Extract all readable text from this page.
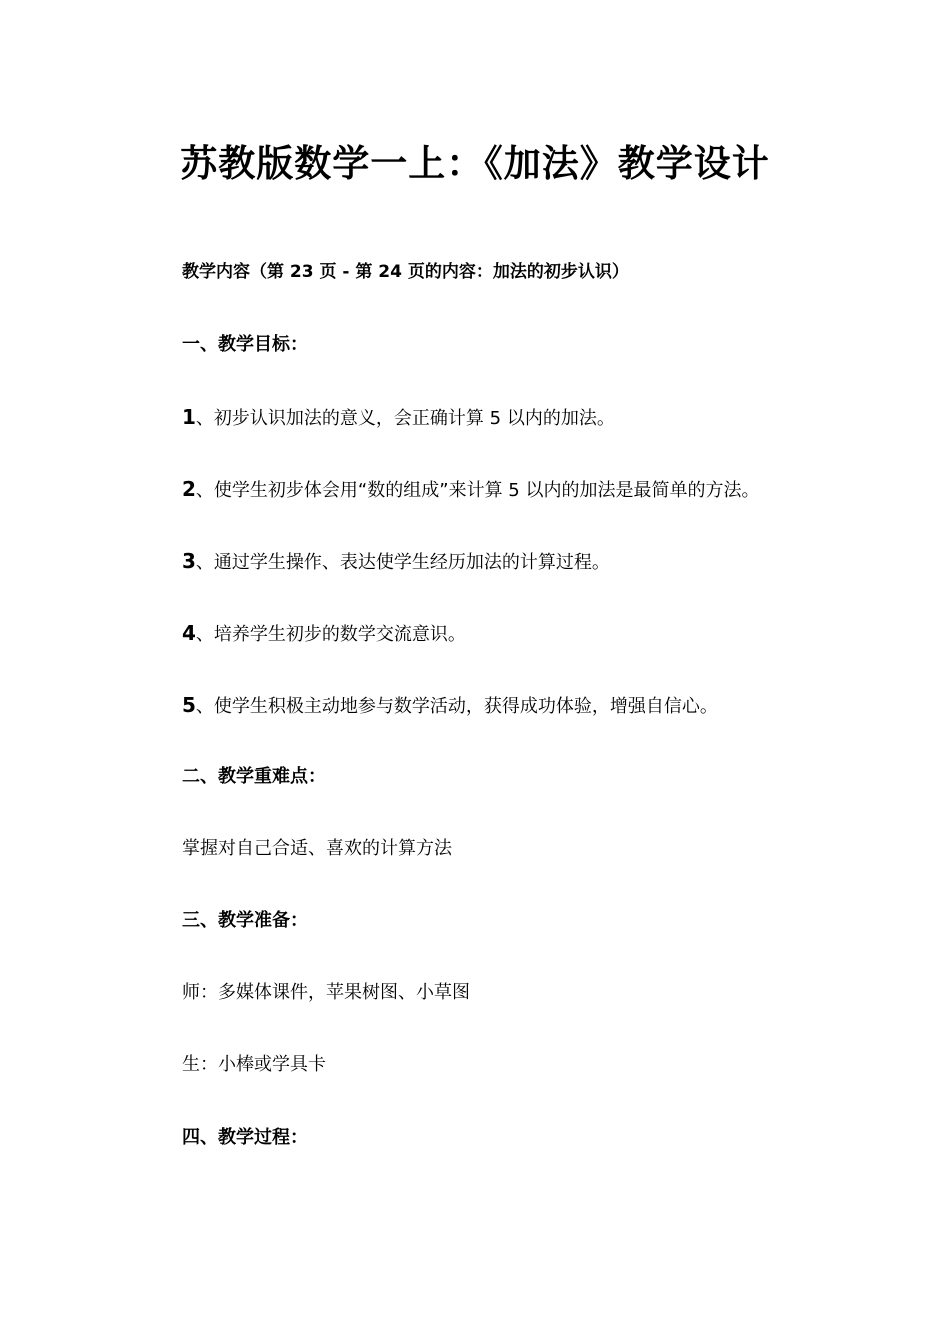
苏教版数学一上：《加法》教学设计
教学内容（第 23 页 - 第 24 页的内容：加法的初步认识）
一、教学目标：
1、初步认识加法的意义，会正确计算 5 以内的加法。
2、使学生初步体会用“数的组成”来计算 5 以内的加法是最简单的方法。
3、通过学生操作、表达使学生经历加法的计算过程。
4、培养学生初步的数学交流意识。
5、使学生积极主动地参与数学活动，获得成功体验，增强自信心。
二、教学重难点：
掌握对自己合适、喜欢的计算方法
三、教学准备：
师：多媒体课件，苹果树图、小草图
生：小棒或学具卡
四、教学过程：
